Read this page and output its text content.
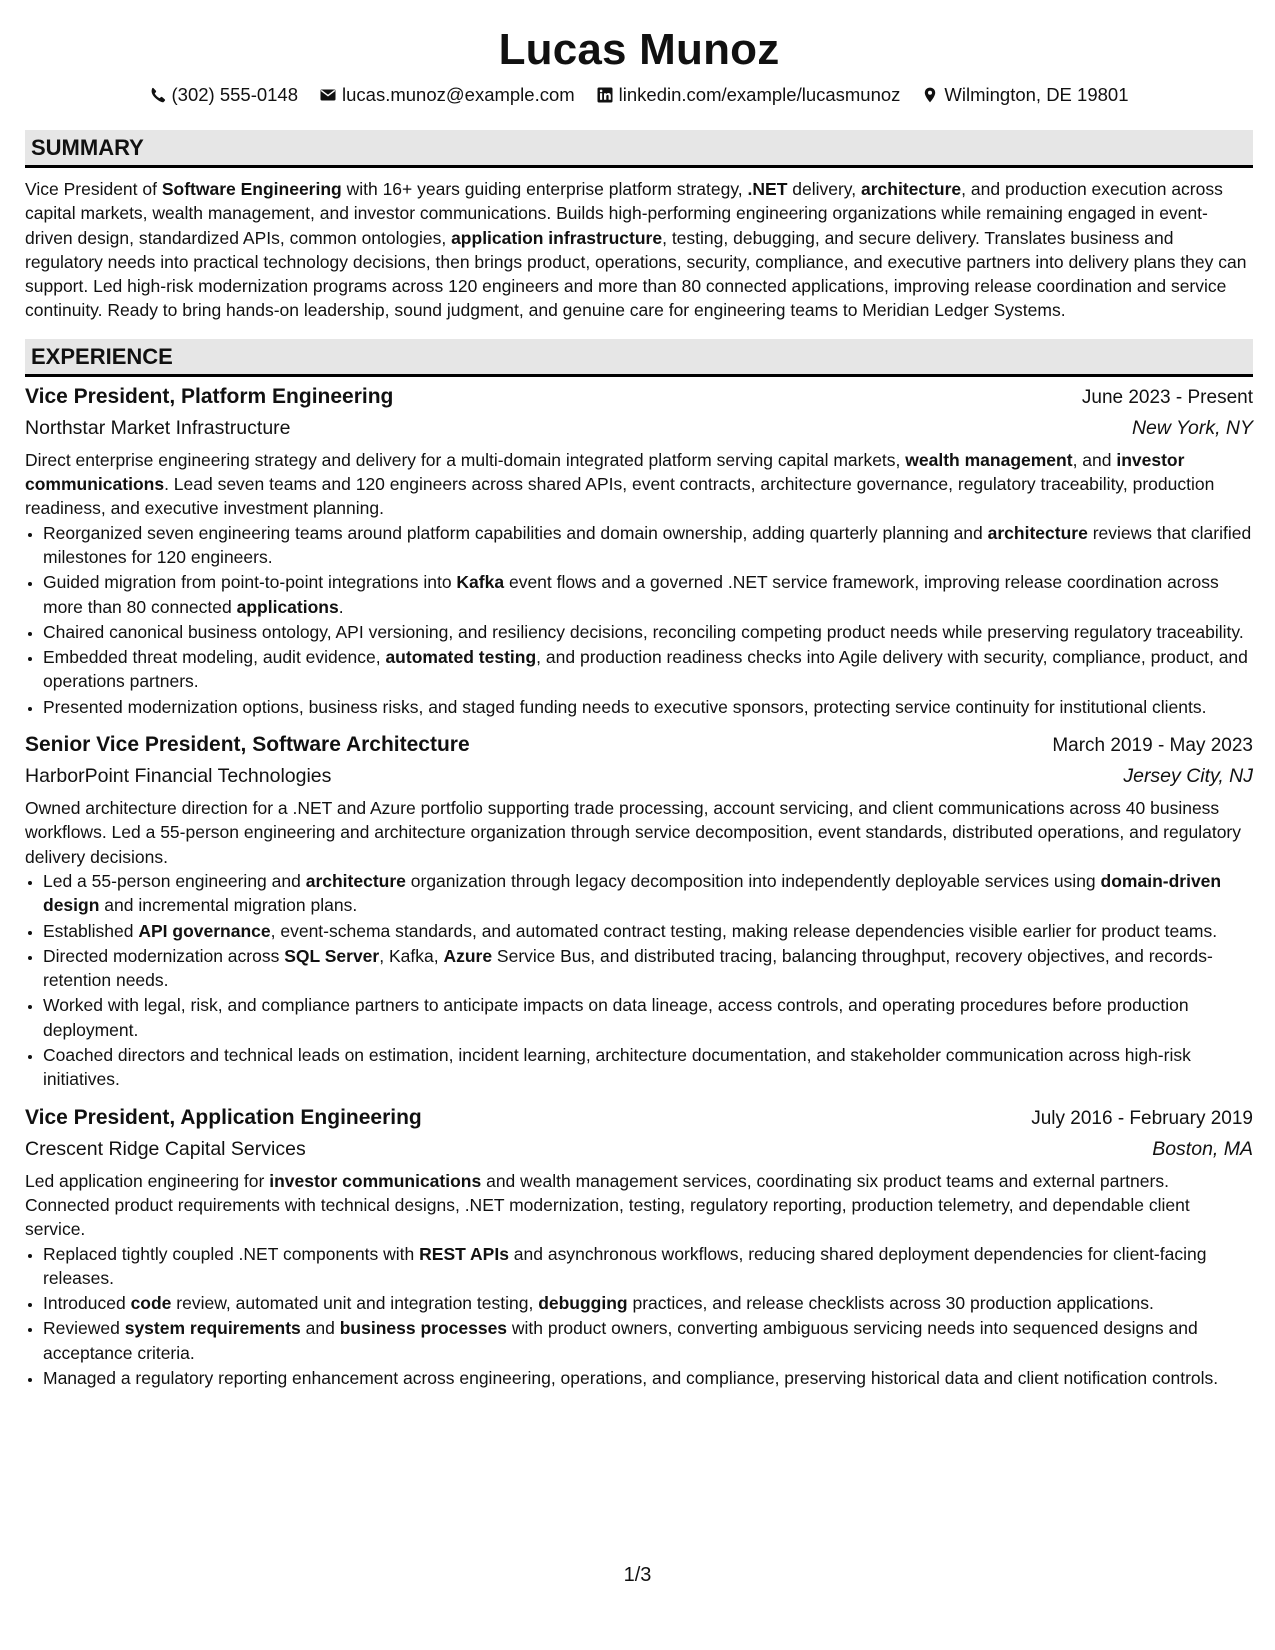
Lucas Munoz
(302) 555-0148 lucas.munoz@example.com linkedin.com/example/lucasmunoz Wilmington, DE 19801
SUMMARY
Vice President of Software Engineering with 16+ years guiding enterprise platform strategy, .NET delivery, architecture, and production execution across capital markets, wealth management, and investor communications. Builds high-performing engineering organizations while remaining engaged in event-driven design, standardized APIs, common ontologies, application infrastructure, testing, debugging, and secure delivery. Translates business and regulatory needs into practical technology decisions, then brings product, operations, security, compliance, and executive partners into delivery plans they can support. Led high-risk modernization programs across 120 engineers and more than 80 connected applications, improving release coordination and service continuity. Ready to bring hands-on leadership, sound judgment, and genuine care for engineering teams to Meridian Ledger Systems.
EXPERIENCE
Vice President, Platform Engineering	June 2023 - Present
Northstar Market Infrastructure	New York, NY
Direct enterprise engineering strategy and delivery for a multi-domain integrated platform serving capital markets, wealth management, and investor communications. Lead seven teams and 120 engineers across shared APIs, event contracts, architecture governance, regulatory traceability, production readiness, and executive investment planning.
• Reorganized seven engineering teams around platform capabilities and domain ownership, adding quarterly planning and architecture reviews that clarified milestones for 120 engineers.
• Guided migration from point-to-point integrations into Kafka event flows and a governed .NET service framework, improving release coordination across more than 80 connected applications.
• Chaired canonical business ontology, API versioning, and resiliency decisions, reconciling competing product needs while preserving regulatory traceability.
• Embedded threat modeling, audit evidence, automated testing, and production readiness checks into Agile delivery with security, compliance, product, and operations partners.
• Presented modernization options, business risks, and staged funding needs to executive sponsors, protecting service continuity for institutional clients.
Senior Vice President, Software Architecture	March 2019 - May 2023
HarborPoint Financial Technologies	Jersey City, NJ
Owned architecture direction for a .NET and Azure portfolio supporting trade processing, account servicing, and client communications across 40 business workflows. Led a 55-person engineering and architecture organization through service decomposition, event standards, distributed operations, and regulatory delivery decisions.
• Led a 55-person engineering and architecture organization through legacy decomposition into independently deployable services using domain-driven design and incremental migration plans.
• Established API governance, event-schema standards, and automated contract testing, making release dependencies visible earlier for product teams.
• Directed modernization across SQL Server, Kafka, Azure Service Bus, and distributed tracing, balancing throughput, recovery objectives, and records-retention needs.
• Worked with legal, risk, and compliance partners to anticipate impacts on data lineage, access controls, and operating procedures before production deployment.
• Coached directors and technical leads on estimation, incident learning, architecture documentation, and stakeholder communication across high-risk initiatives.
Vice President, Application Engineering	July 2016 - February 2019
Crescent Ridge Capital Services	Boston, MA
Led application engineering for investor communications and wealth management services, coordinating six product teams and external partners. Connected product requirements with technical designs, .NET modernization, testing, regulatory reporting, production telemetry, and dependable client service.
• Replaced tightly coupled .NET components with REST APIs and asynchronous workflows, reducing shared deployment dependencies for client-facing releases.
• Introduced code review, automated unit and integration testing, debugging practices, and release checklists across 30 production applications.
• Reviewed system requirements and business processes with product owners, converting ambiguous servicing needs into sequenced designs and acceptance criteria.
• Managed a regulatory reporting enhancement across engineering, operations, and compliance, preserving historical data and client notification controls.
1/3
